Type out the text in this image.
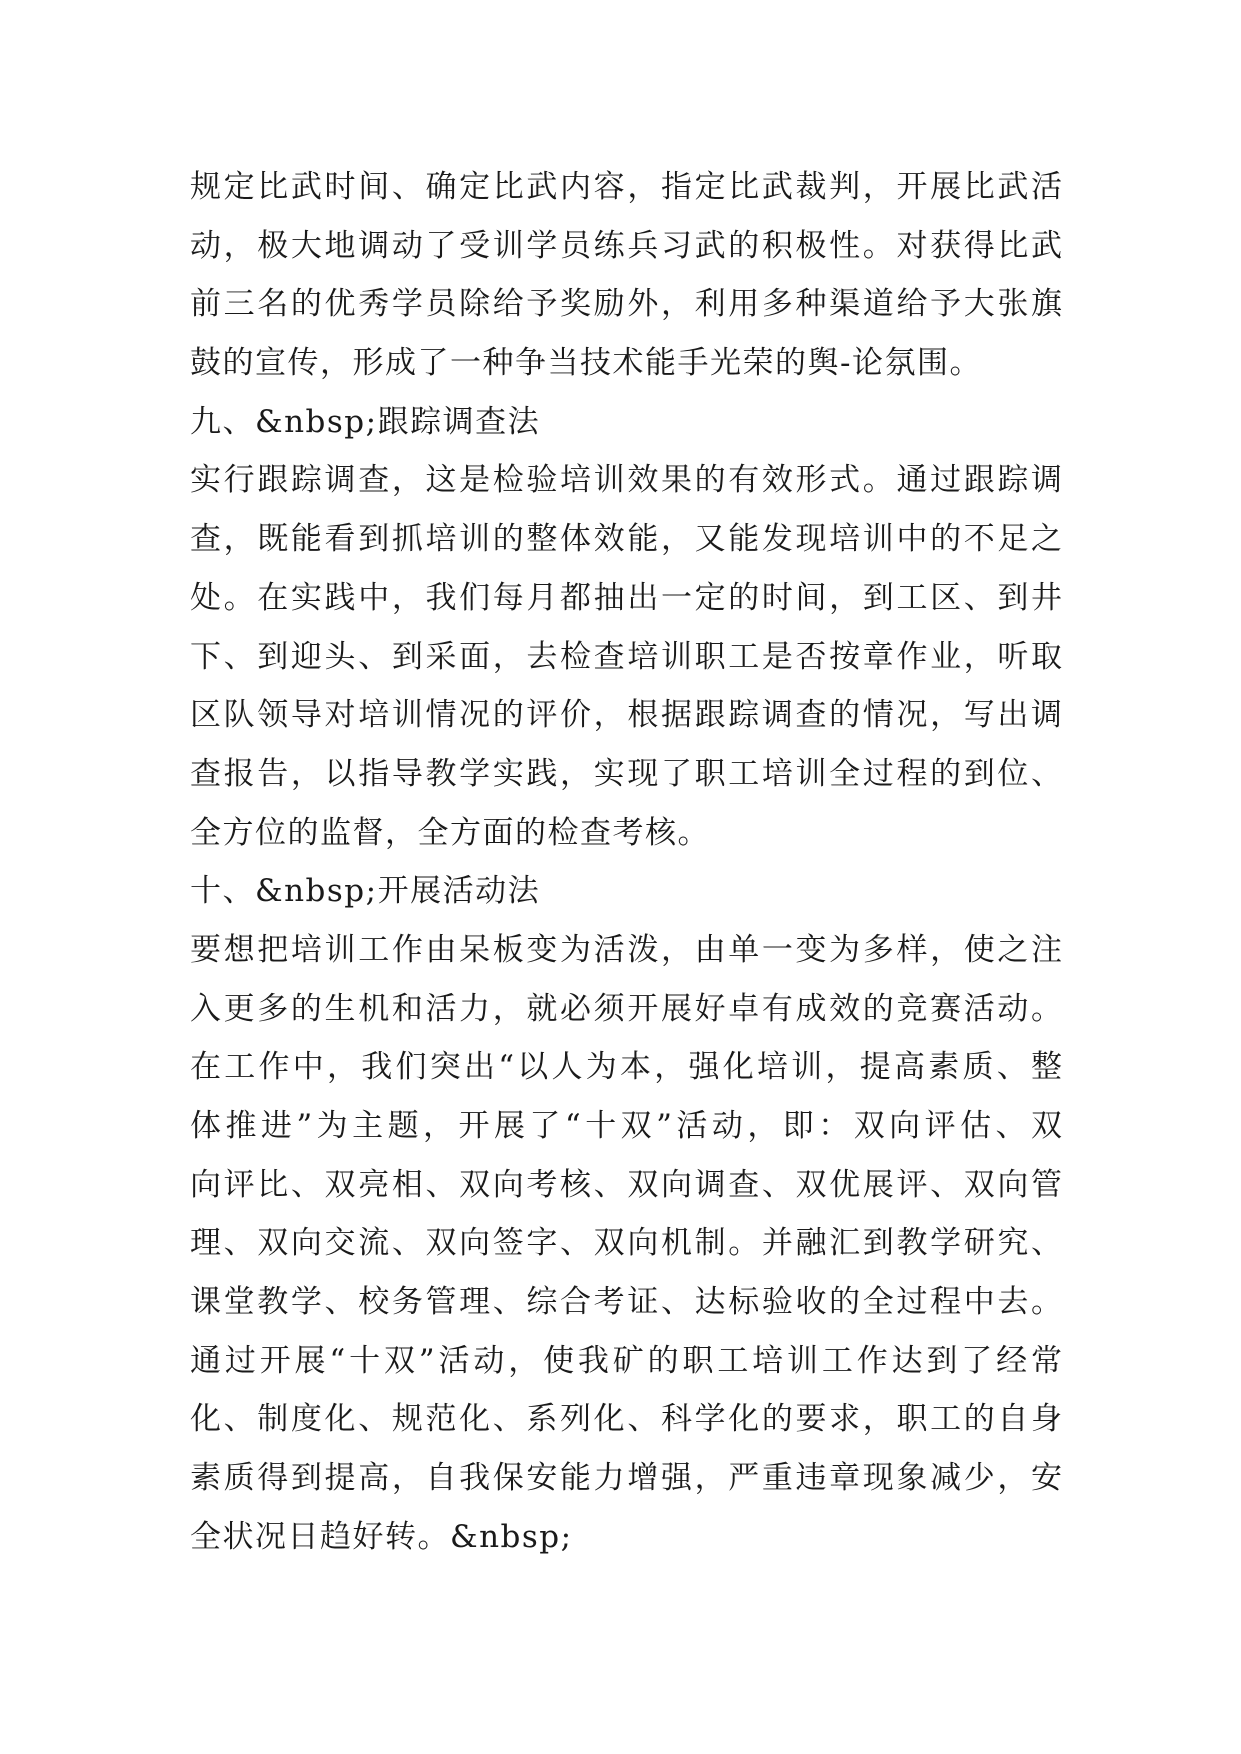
规定比武时间、确定比武内容，指定比武裁判，开展比武活
动，极大地调动了受训学员练兵习武的积极性。对获得比武
前三名的优秀学员除给予奖励外，利用多种渠道给予大张旗
鼓的宣传，形成了一种争当技术能手光荣的舆-论氛围。
九、&nbsp;跟踪调查法
实行跟踪调查，这是检验培训效果的有效形式。通过跟踪调
查，既能看到抓培训的整体效能，又能发现培训中的不足之
处。在实践中，我们每月都抽出一定的时间，到工区、到井
下、到迎头、到采面，去检查培训职工是否按章作业，听取
区队领导对培训情况的评价，根据跟踪调查的情况，写出调
查报告，以指导教学实践，实现了职工培训全过程的到位、
全方位的监督，全方面的检查考核。
十、&nbsp;开展活动法
要想把培训工作由呆板变为活泼，由单一变为多样，使之注
入更多的生机和活力，就必须开展好卓有成效的竞赛活动。
在工作中，我们突出“以人为本，强化培训，提高素质、整
体推进”为主题，开展了“十双”活动，即：双向评估、双
向评比、双亮相、双向考核、双向调查、双优展评、双向管
理、双向交流、双向签字、双向机制。并融汇到教学研究、
课堂教学、校务管理、综合考证、达标验收的全过程中去。
通过开展“十双”活动，使我矿的职工培训工作达到了经常
化、制度化、规范化、系列化、科学化的要求，职工的自身
素质得到提高，自我保安能力增强，严重违章现象减少，安
全状况日趋好转。&nbsp;
